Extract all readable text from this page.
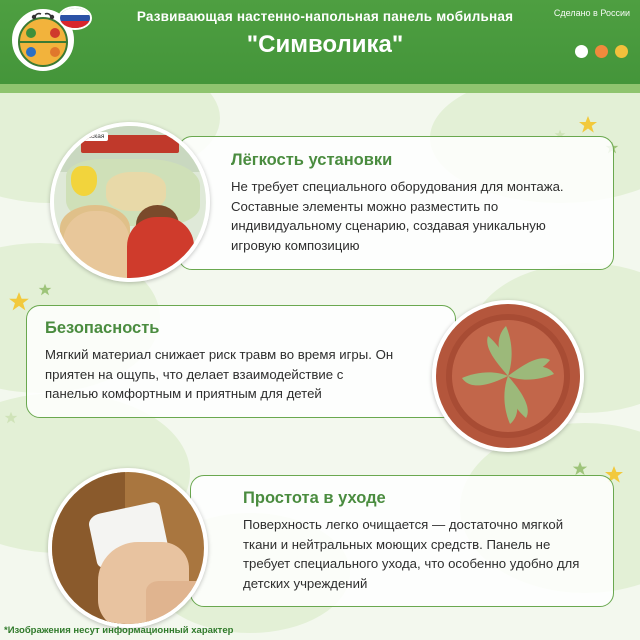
Развивающая настенно-напольная панель мобильная
"Символика"
Сделано в России
Лёгкость установки

Не требует специального оборудования для монтажа. Составные элементы можно разместить по индивидуальному сценарию, создавая уникальную игровую композицию

Ростовская
Безопасность

Мягкий материал снижает риск травм во время игры. Он приятен на ощупь, что делает взаимодействие с панелью комфортным и приятным для детей

Простота в уходе

Поверхность легко очищается — достаточно мягкой ткани и нейтральных моющих средств. Панель не требует специального ухода, что особенно удобно для детских учреждений

*Изображения несут информационный характер
